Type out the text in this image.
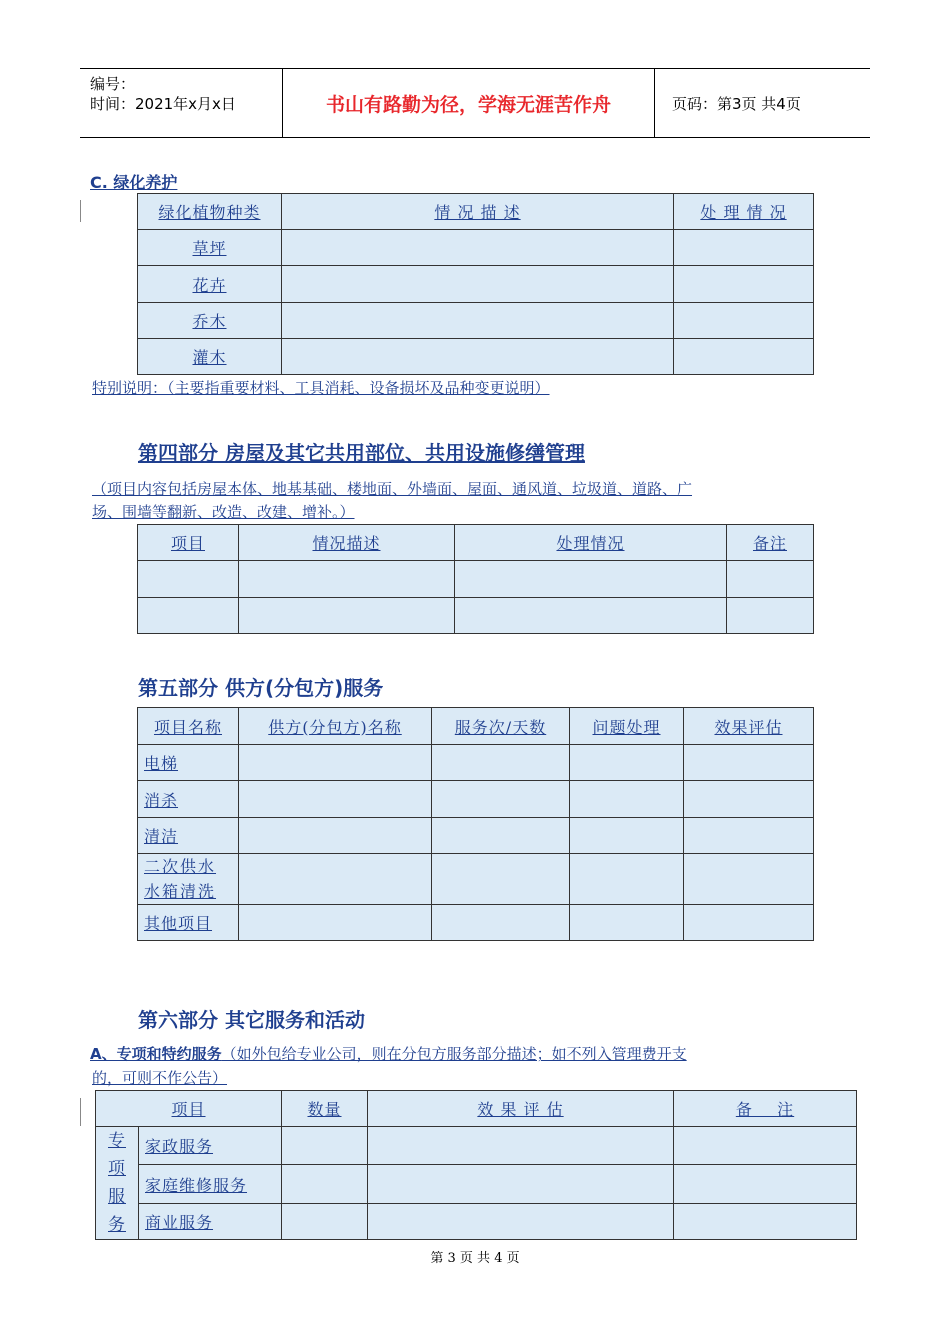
编号：
时间：2021年x月x日	书山有路勤为径，学海无涯苦作舟	页码：第3页 共4页
C. 绿化养护
绿化植物种类	情 况 描 述	处 理 情 况
草坪		
花卉		
乔木		
灌木		
特别说明：（主要指重要材料、工具消耗、设备损坏及品种变更说明）
第四部分 房屋及其它共用部位、共用设施修缮管理
（项目内容包括房屋本体、地基基础、楼地面、外墙面、屋面、通风道、垃圾道、道路、广
场、围墙等翻新、改造、改建、增补。）
项目	情况描述	处理情况	备注

第五部分 供方(分包方)服务
项目名称	供方(分包方)名称	服务次/天数	问题处理	效果评估
电梯				
消杀				
清洁				
二次供水水箱清洗				
其他项目				
第六部分 其它服务和活动
A、专项和特约服务（如外包给专业公司，则在分包方服务部分描述；如不列入管理费开支
的，可则不作公告）
项目		数量	效 果 评 估	备    注
专项服务	家政服务			
	家庭维修服务			
	商业服务			
第 3 页 共 4 页
